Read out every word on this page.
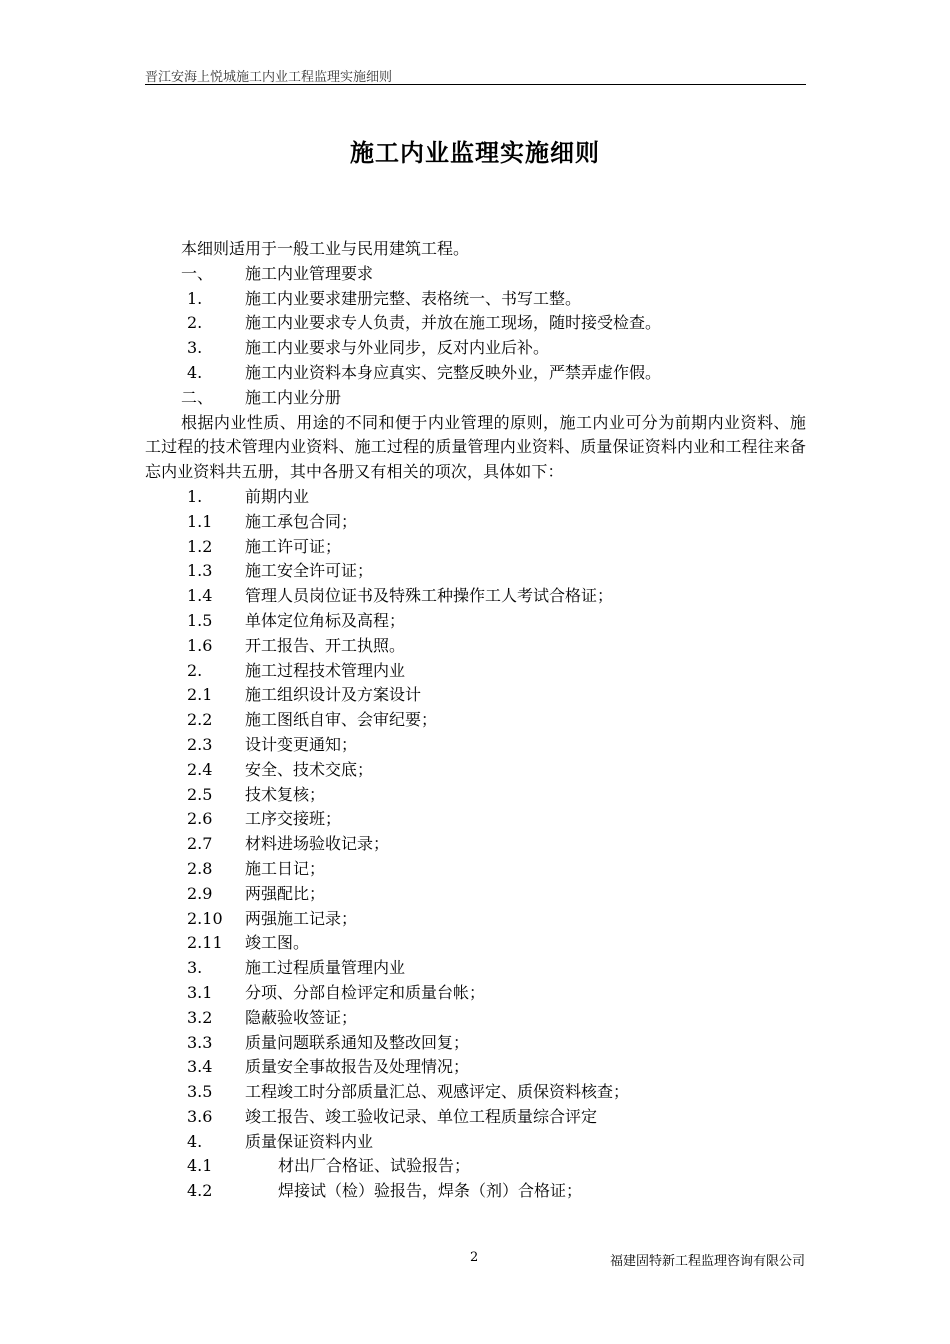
晋江安海上悦城施工内业工程监理实施细则
施工内业监理实施细则
本细则适用于一般工业与民用建筑工程。
一、 施工内业管理要求
1.	施工内业要求建册完整、表格统一、书写工整。
2.	施工内业要求专人负责，并放在施工现场，随时接受检查。
3.	施工内业要求与外业同步，反对内业后补。
4.	施工内业资料本身应真实、完整反映外业，严禁弄虚作假。
二、 施工内业分册
根据内业性质、用途的不同和便于内业管理的原则，施工内业可分为前期内业资料、施工过程的技术管理内业资料、施工过程的质量管理内业资料、质量保证资料内业和工程往来备忘内业资料共五册，其中各册又有相关的项次，具体如下：
1.	前期内业
1.1 施工承包合同；
1.2 施工许可证；
1.3 施工安全许可证；
1.4 管理人员岗位证书及特殊工种操作工人考试合格证；
1.5 单体定位角标及高程；
1.6 开工报告、开工执照。
2.	施工过程技术管理内业
2.1 施工组织设计及方案设计
2.2 施工图纸自审、会审纪要；
2.3 设计变更通知；
2.4 安全、技术交底；
2.5 技术复核；
2.6 工序交接班；
2.7 材料进场验收记录；
2.8 施工日记；
2.9 两强配比；
2.10 两强施工记录；
2.11 竣工图。
3.	施工过程质量管理内业
3.1 分项、分部自检评定和质量台帐；
3.2 隐蔽验收签证；
3.3 质量问题联系通知及整改回复；
3.4 质量安全事故报告及处理情况；
3.5 工程竣工时分部质量汇总、观感评定、质保资料核查；
3.6 竣工报告、竣工验收记录、单位工程质量综合评定
4.	质量保证资料内业
4.1	材出厂合格证、试验报告；
4.2	焊接试（检）验报告，焊条（剂）合格证；
2	福建固特新工程监理咨询有限公司
